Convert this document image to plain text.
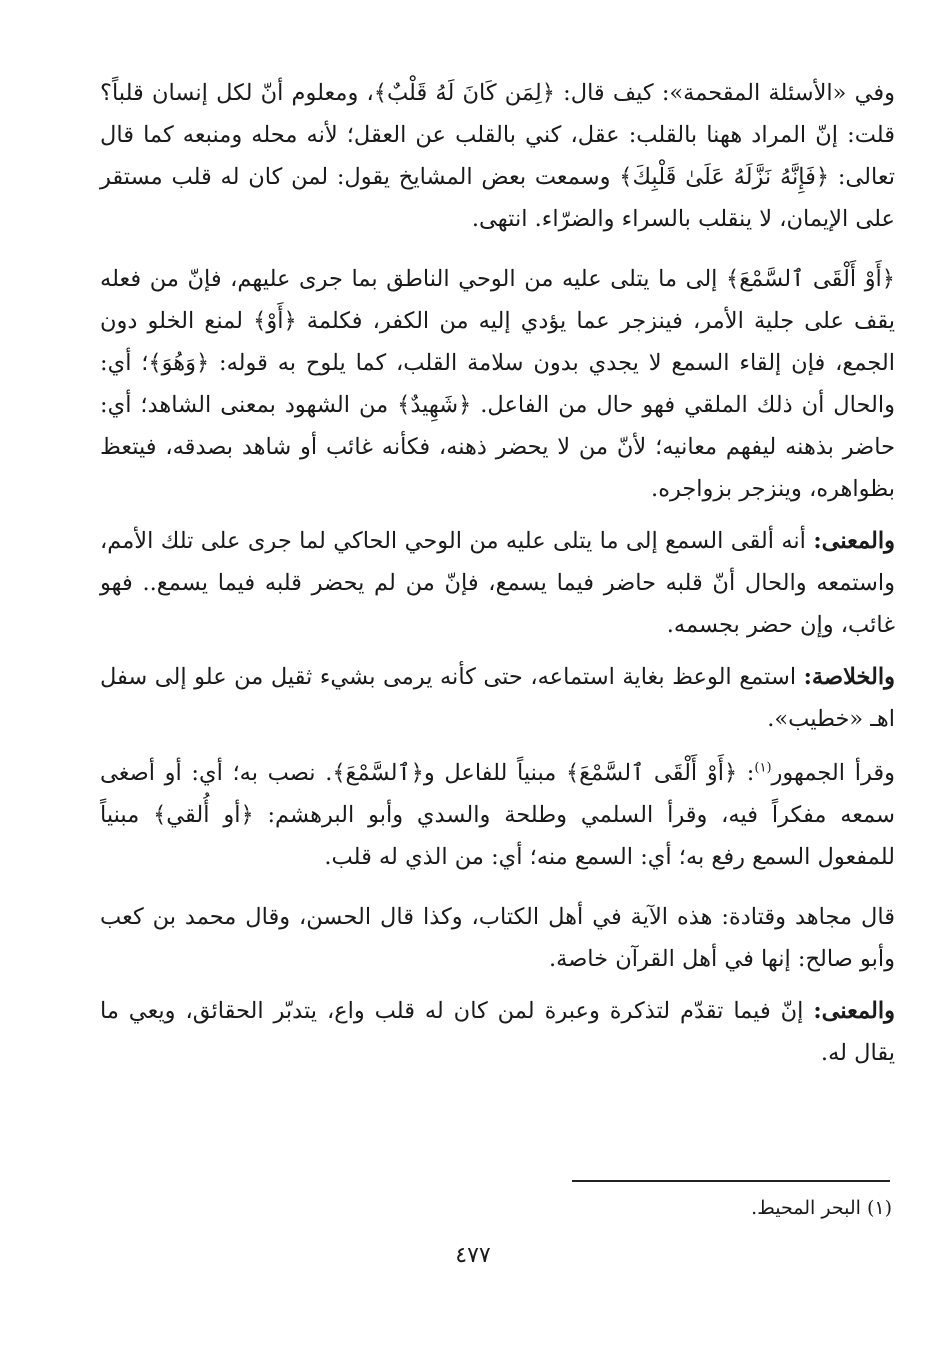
وفي «الأسئلة المقحمة»: كيف قال: ﴿لِمَن كَانَ لَهُ قَلْبٌ﴾، ومعلوم أنّ لكل إنسان قلباً؟ قلت: إنّ المراد ههنا بالقلب: عقل، كني بالقلب عن العقل؛ لأنه محله ومنبعه كما قال تعالى: ﴿فَإِنَّهُ نَزَّلَهُ عَلَىٰ قَلْبِكَ﴾ وسمعت بعض المشايخ يقول: لمن كان له قلب مستقر على الإيمان، لا ينقلب بالسراء والضرّاء. انتهى.

﴿أَوْ أَلْقَى ٱلسَّمْعَ﴾ إلى ما يتلى عليه من الوحي الناطق بما جرى عليهم، فإنّ من فعله يقف على جلية الأمر، فينزجر عما يؤدي إليه من الكفر، فكلمة ﴿أَوْ﴾ لمنع الخلو دون الجمع، فإن إلقاء السمع لا يجدي بدون سلامة القلب، كما يلوح به قوله: ﴿وَهُوَ﴾؛ أي: والحال أن ذلك الملقي فهو حال من الفاعل. ﴿شَهِيدٌ﴾ من الشهود بمعنى الشاهد؛ أي: حاضر بذهنه ليفهم معانيه؛ لأنّ من لا يحضر ذهنه، فكأنه غائب أو شاهد بصدقه، فيتعظ بظواهره، وينزجر بزواجره.

والمعنى: أنه ألقى السمع إلى ما يتلى عليه من الوحي الحاكي لما جرى على تلك الأمم، واستمعه والحال أنّ قلبه حاضر فيما يسمع، فإنّ من لم يحضر قلبه فيما يسمع.. فهو غائب، وإن حضر بجسمه.

والخلاصة: استمع الوعظ بغاية استماعه، حتى كأنه يرمى بشيء ثقيل من علو إلى سفل اهـ «خطيب».

وقرأ الجمهور$^{(١)}$: ﴿أَوْ أَلْقَى ٱلسَّمْعَ﴾ مبنياً للفاعل و﴿ٱلسَّمْعَ﴾. نصب به؛ أي: أو أصغى سمعه مفكراً فيه، وقرأ السلمي وطلحة والسدي وأبو البرهشم: ﴿أو أُلقي﴾ مبنياً للمفعول السمع رفع به؛ أي: السمع منه؛ أي: من الذي له قلب.

قال مجاهد وقتادة: هذه الآية في أهل الكتاب، وكذا قال الحسن، وقال محمد بن كعب وأبو صالح: إنها في أهل القرآن خاصة.

والمعنى: إنّ فيما تقدّم لتذكرة وعبرة لمن كان له قلب واع، يتدبّر الحقائق، ويعي ما يقال له.

(١) البحر المحيط.
٤٧٧
